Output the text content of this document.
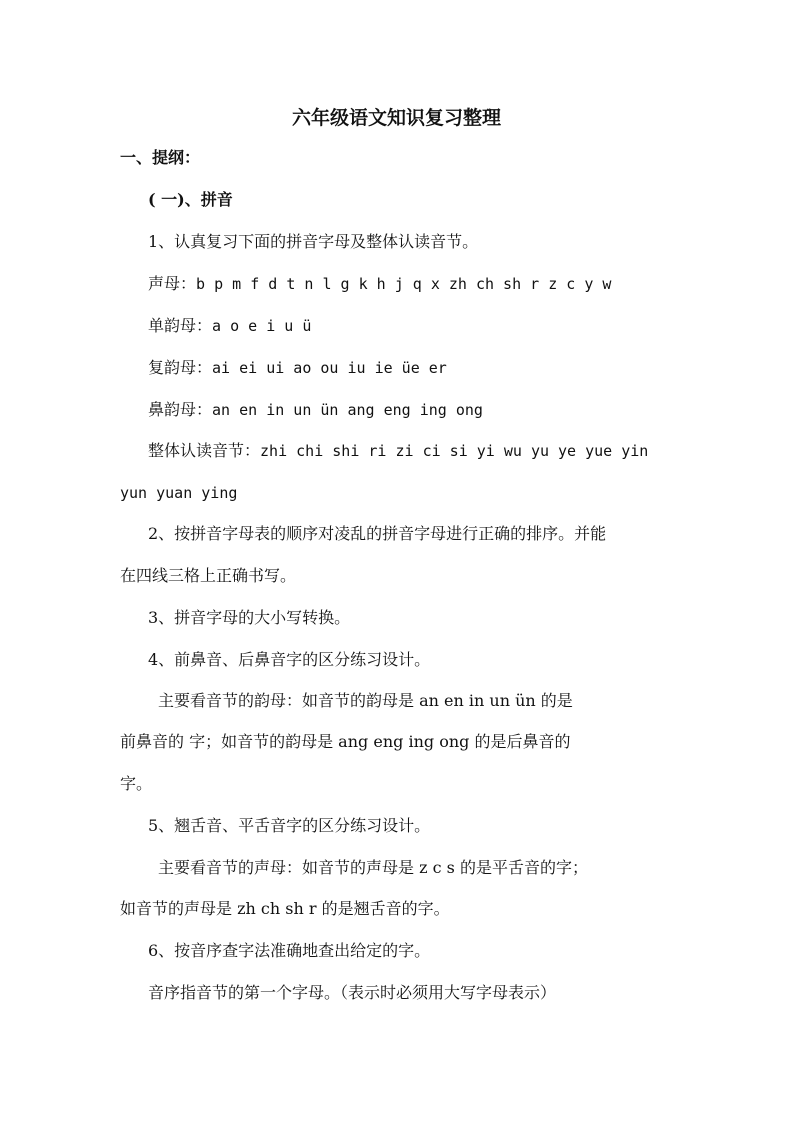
六年级语文知识复习整理
一、提纲：
( 一)、拼音
1、认真复习下面的拼音字母及整体认读音节。
声母：b p m f d t n l g k h j q x zh ch sh r z c y w
单韵母：a o e i u ü
复韵母：ai ei ui ao ou iu ie üe er
鼻韵母：an en in un ün ang eng ing ong
整体认读音节：zhi chi shi ri zi ci si yi wu yu ye yue yin
yun yuan ying
2、按拼音字母表的顺序对凌乱的拼音字母进行正确的排序。并能
在四线三格上正确书写。
3、拼音字母的大小写转换。
4、前鼻音、后鼻音字的区分练习设计。
主要看音节的韵母：如音节的韵母是 an en in un ün 的是
前鼻音的 字；如音节的韵母是 ang eng ing ong 的是后鼻音的
字。
5、翘舌音、平舌音字的区分练习设计。
主要看音节的声母：如音节的声母是 z c s 的是平舌音的字；
如音节的声母是 zh ch sh r 的是翘舌音的字。
6、按音序查字法准确地查出给定的字。
音序指音节的第一个字母。（表示时必须用大写字母表示）
